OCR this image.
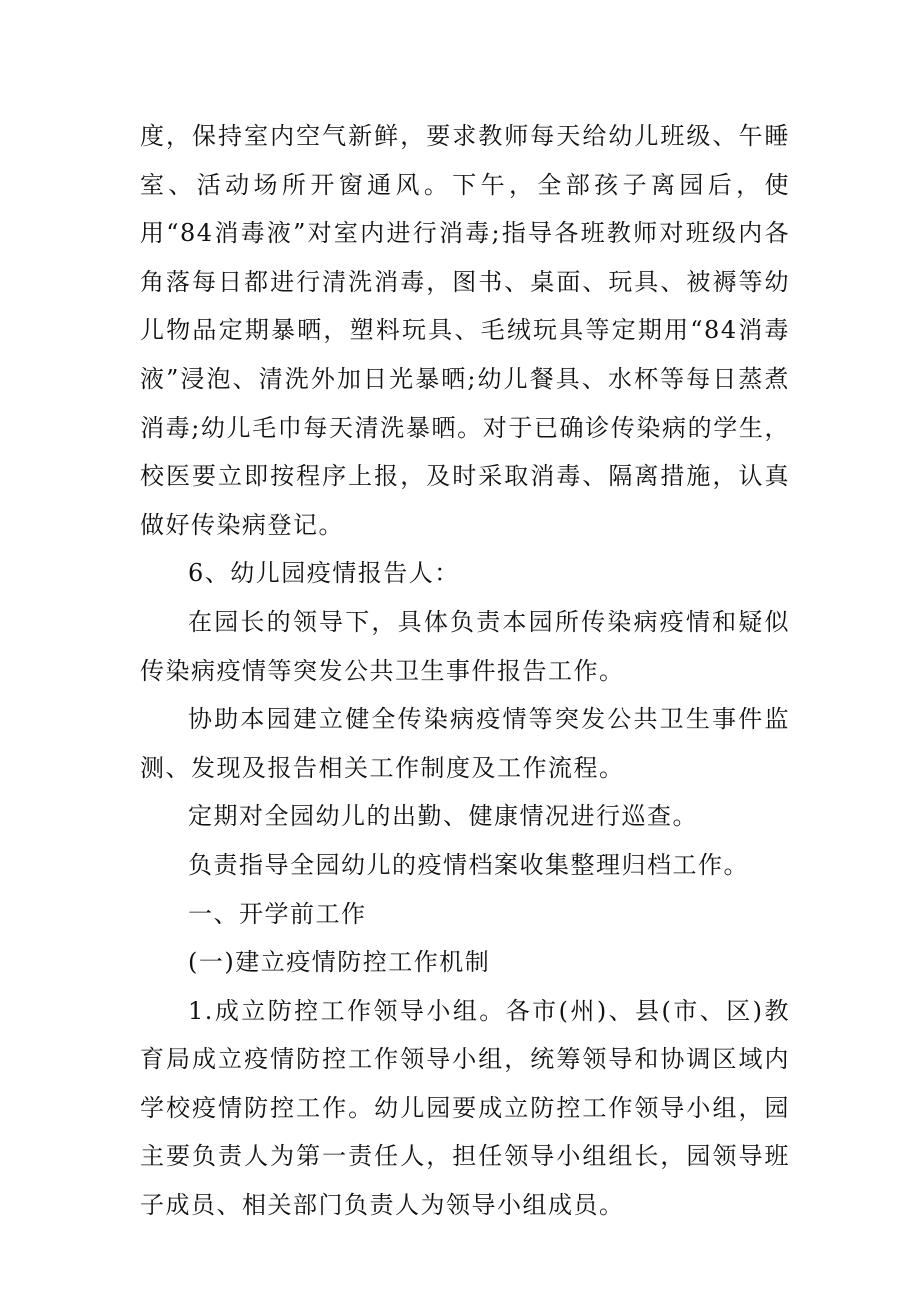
度，保持室内空气新鲜，要求教师每天给幼儿班级、午睡室、活动场所开窗通风。下午，全部孩子离园后，使用“84消毒液”对室内进行消毒;指导各班教师对班级内各角落每日都进行清洗消毒，图书、桌面、玩具、被褥等幼儿物品定期暴晒，塑料玩具、毛绒玩具等定期用“84消毒液”浸泡、清洗外加日光暴晒;幼儿餐具、水杯等每日蒸煮消毒;幼儿毛巾每天清洗暴晒。对于已确诊传染病的学生，校医要立即按程序上报，及时采取消毒、隔离措施，认真做好传染病登记。

6、幼儿园疫情报告人：

在园长的领导下，具体负责本园所传染病疫情和疑似传染病疫情等突发公共卫生事件报告工作。

协助本园建立健全传染病疫情等突发公共卫生事件监测、发现及报告相关工作制度及工作流程。

定期对全园幼儿的出勤、健康情况进行巡查。

负责指导全园幼儿的疫情档案收集整理归档工作。

一、开学前工作

(一)建立疫情防控工作机制

1.成立防控工作领导小组。各市(州)、县(市、区)教育局成立疫情防控工作领导小组，统筹领导和协调区域内学校疫情防控工作。幼儿园要成立防控工作领导小组，园主要负责人为第一责任人，担任领导小组组长，园领导班子成员、相关部门负责人为领导小组成员。
